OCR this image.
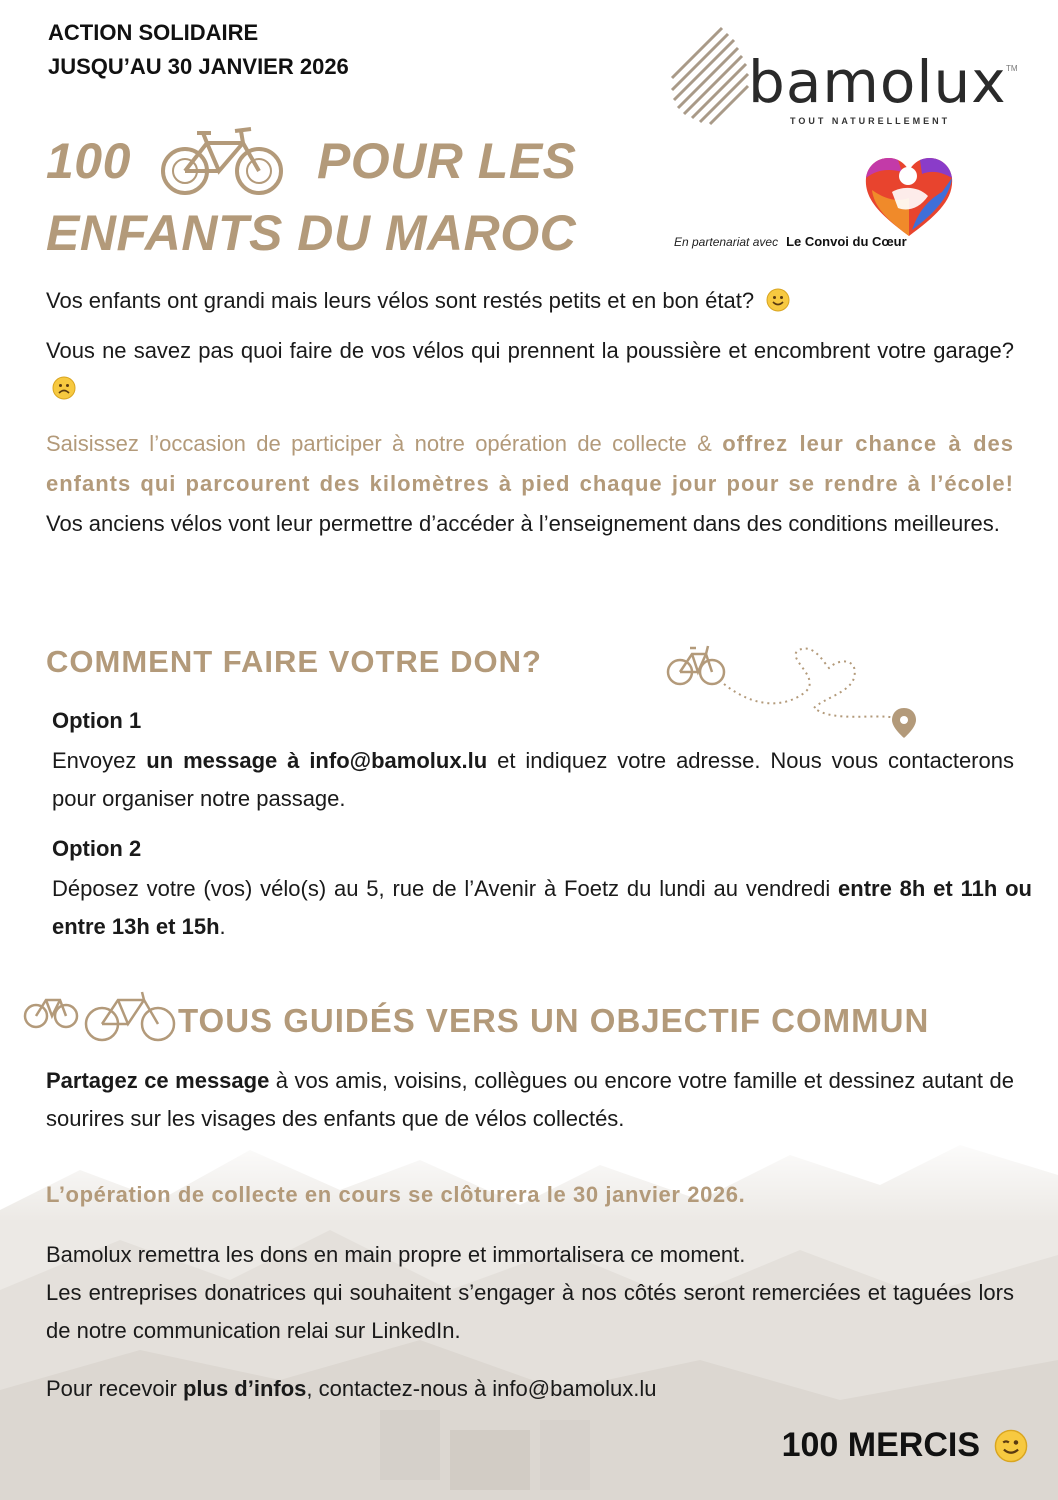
ACTION SOLIDAIRE
JUSQU’AU 30 JANVIER 2026	bamolux TM
TOUT NATURELLEMENT
En partenariat avec Le Convoi du Cœur
100	POUR LES
ENFANTS DU MAROC
Vos enfants ont grandi mais leurs vélos sont restés petits et en bon état?
Vous ne savez pas quoi faire de vos vélos qui prennent la poussière et encombrent votre garage?
Saisissez l’occasion de participer à notre opération de collecte & offrez leur chance à des enfants qui parcourent des kilomètres à pied chaque jour pour se rendre à l’école! Vos anciens vélos vont leur permettre d’accéder à l’enseignement dans des conditions meilleures.
COMMENT FAIRE VOTRE DON?
Option 1
Envoyez un message à info@bamolux.lu et indiquez votre adresse. Nous vous contacterons pour organiser notre passage.
Option 2
Déposez votre (vos) vélo(s) au 5, rue de l’Avenir à Foetz du lundi au vendredi entre 8h et 11h ou entre 13h et 15h.
TOUS GUIDÉS VERS UN OBJECTIF COMMUN
Partagez ce message à vos amis, voisins, collègues ou encore votre famille et dessinez autant de sourires sur les visages des enfants que de vélos collectés.
L’opération de collecte en cours se clôturera le 30 janvier 2026.
Bamolux remettra les dons en main propre et immortalisera ce moment.
Les entreprises donatrices qui souhaitent s’engager à nos côtés seront remerciées et taguées lors de notre communication relai sur LinkedIn.
Pour recevoir plus d’infos, contactez-nous à info@bamolux.lu
100 MERCIS
